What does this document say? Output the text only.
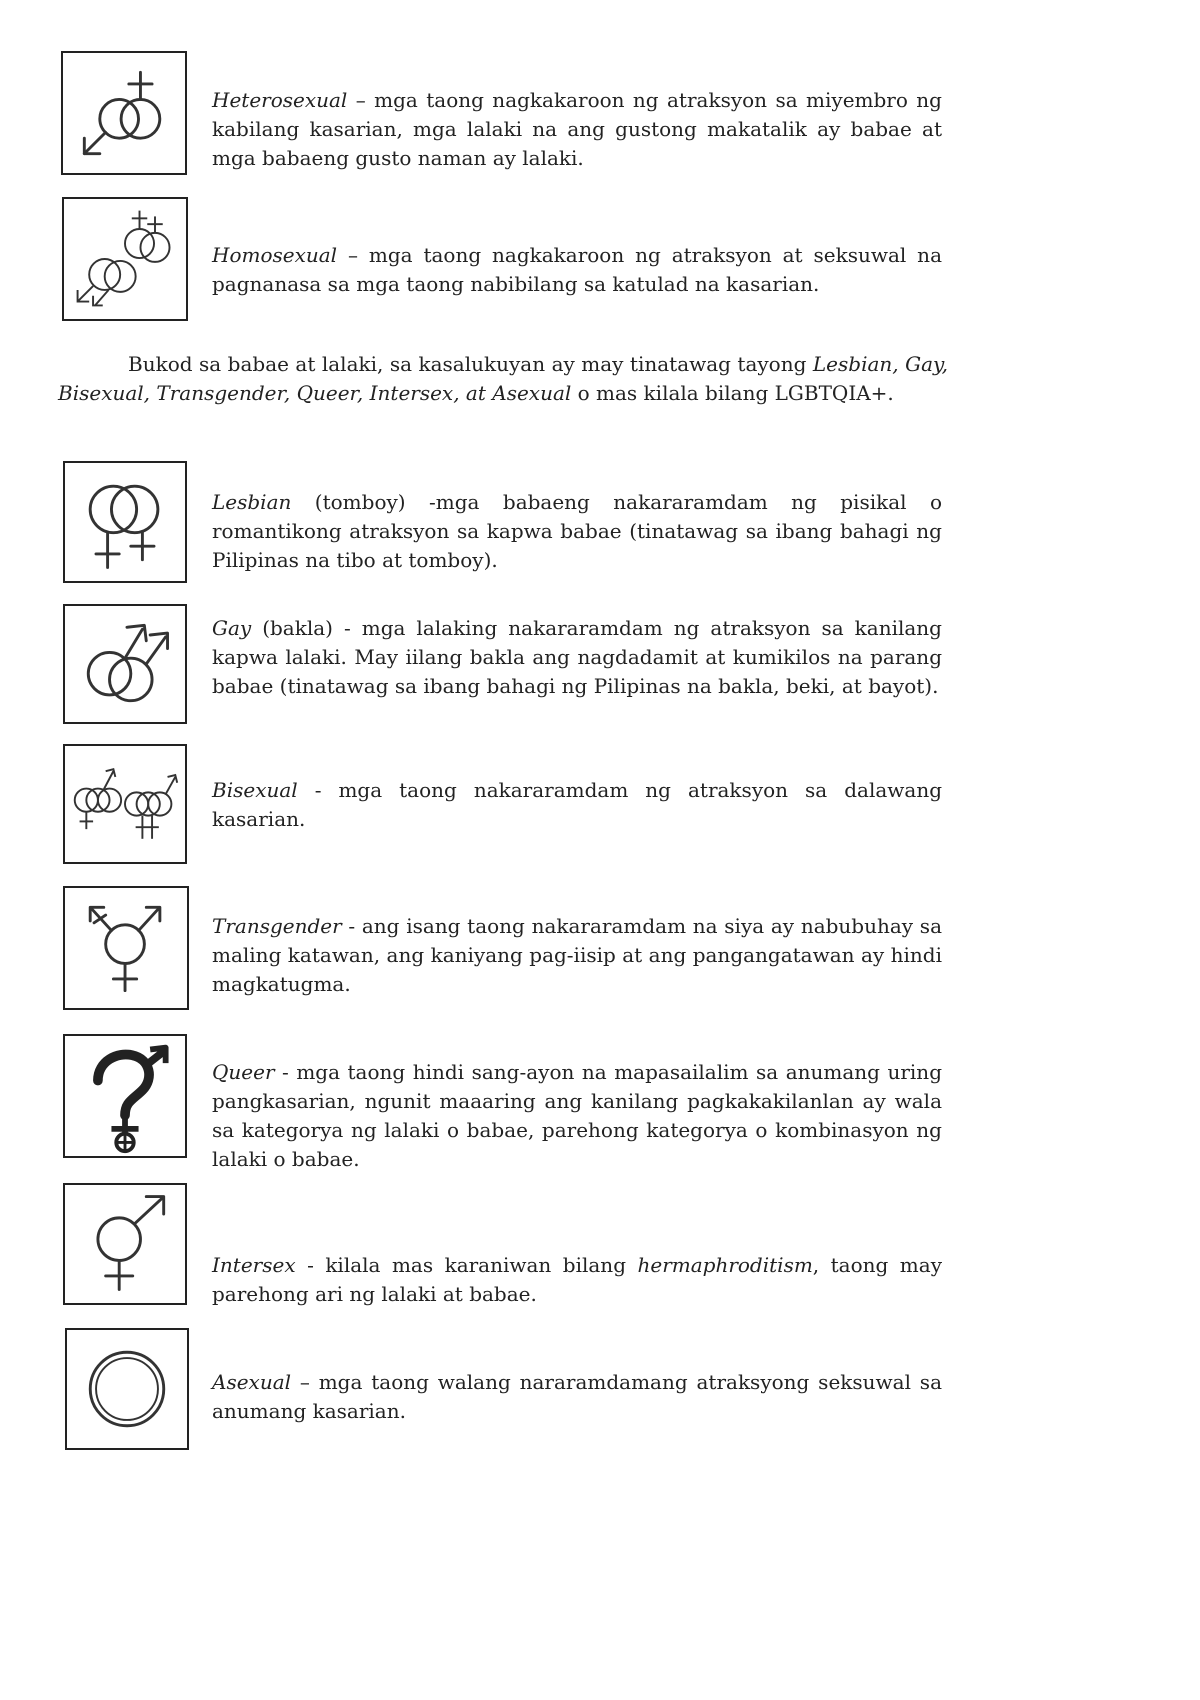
Heterosexual – mga taong nagkakaroon ng atraksyon sa miyembro ng kabilang kasarian, mga lalaki na ang gustong makatalik ay babae at mga babaeng gusto naman ay lalaki.
Homosexual – mga taong nagkakaroon ng atraksyon at seksuwal na pagnanasa sa mga taong nabibilang sa katulad na kasarian.
Bukod sa babae at lalaki, sa kasalukuyan ay may tinatawag tayong Lesbian, Gay, Bisexual, Transgender, Queer, Intersex, at Asexual o mas kilala bilang LGBTQIA+.
Lesbian (tomboy) -mga babaeng nakararamdam ng pisikal o romantikong atraksyon sa kapwa babae (tinatawag sa ibang bahagi ng Pilipinas na tibo at tomboy).
Gay (bakla) - mga lalaking nakararamdam ng atraksyon sa kanilang kapwa lalaki. May iilang bakla ang nagdadamit at kumikilos na parang babae (tinatawag sa ibang bahagi ng Pilipinas na bakla, beki, at bayot).
Bisexual - mga taong nakararamdam ng atraksyon sa dalawang kasarian.
Transgender - ang isang taong nakararamdam na siya ay nabubuhay sa maling katawan, ang kaniyang pag-iisip at ang pangangatawan ay hindi magkatugma.
Queer - mga taong hindi sang-ayon na mapasailalim sa anumang uring pangkasarian, ngunit maaaring ang kanilang pagkakakilanlan ay wala sa kategorya ng lalaki o babae, parehong kategorya o kombinasyon ng lalaki o babae.
Intersex - kilala mas karaniwan bilang hermaphroditism, taong may parehong ari ng lalaki at babae.
Asexual – mga taong walang nararamdamang atraksyong seksuwal sa anumang kasarian.
